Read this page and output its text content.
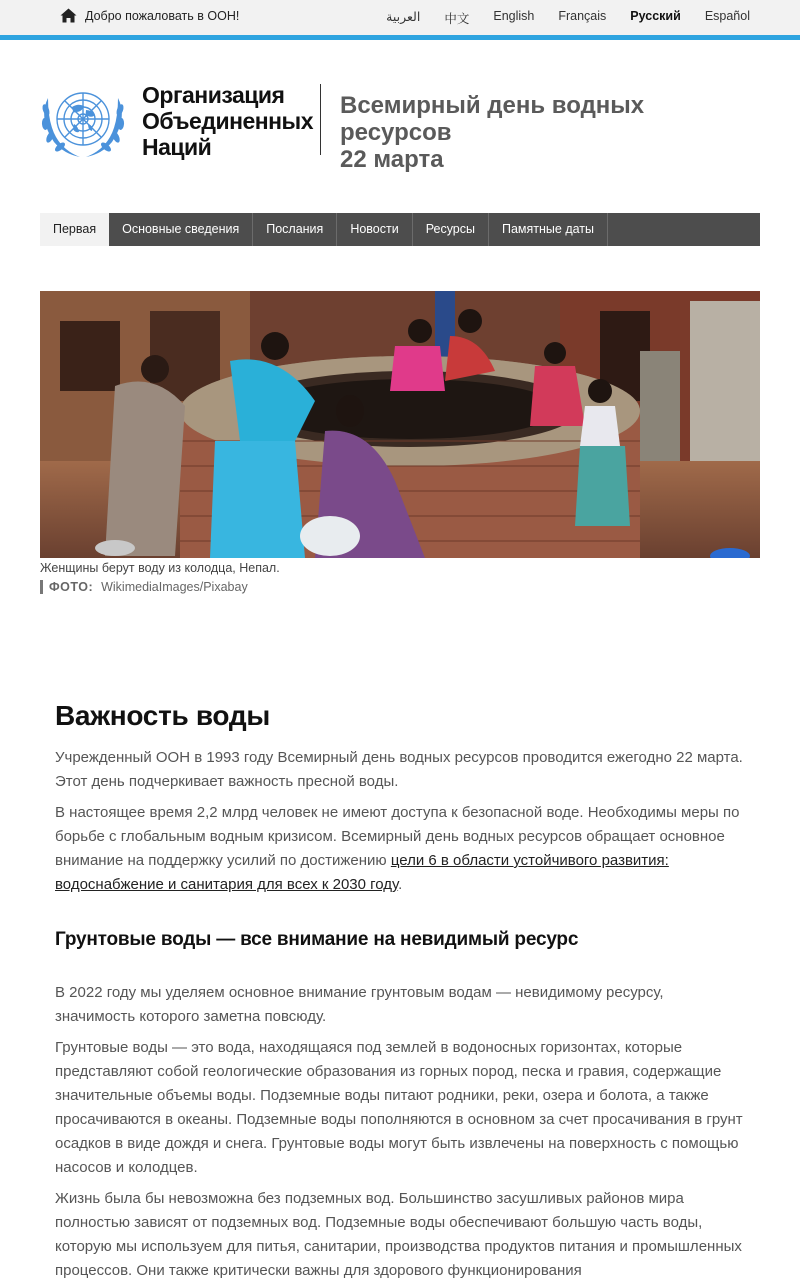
Добро пожаловать в ООН!	العربية 中文 English Français Русский Español
Организация Объединенных Наций
Всемирный день водных ресурсов
22 марта
Первая	Основные сведения	Послания	Новости	Ресурсы	Памятные даты
Женщины берут воду из колодца, Непал.
ФОТО: WikimediaImages/Pixabay
Важность воды

Учрежденный ООН в 1993 году Всемирный день водных ресурсов проводится ежегодно 22 марта. Этот день подчеркивает важность пресной воды.

В настоящее время 2,2 млрд человек не имеют доступа к безопасной воде. Необходимы меры по борьбе с глобальным водным кризисом. Всемирный день водных ресурсов обращает основное внимание на поддержку усилий по достижению цели 6 в области устойчивого развития: водоснабжение и санитария для всех к 2030 году.

Грунтовые воды — все внимание на невидимый ресурс

В 2022 году мы уделяем основное внимание грунтовым водам — невидимому ресурсу, значимость которого заметна повсюду.

Грунтовые воды — это вода, находящаяся под землей в водоносных горизонтах, которые представляют собой геологические образования из горных пород, песка и гравия, содержащие значительные объемы воды. Подземные воды питают родники, реки, озера и болота, а также просачиваются в океаны. Подземные воды пополняются в основном за счет просачивания в грунт осадков в виде дождя и снега. Грунтовые воды могут быть извлечены на поверхность с помощью насосов и колодцев.

Жизнь была бы невозможна без подземных вод. Большинство засушливых районов мира полностью зависят от подземных вод. Подземные воды обеспечивают большую часть воды, которую мы используем для питья, санитарии, производства продуктов питания и промышленных процессов. Они также критически важны для здорового функционирования
